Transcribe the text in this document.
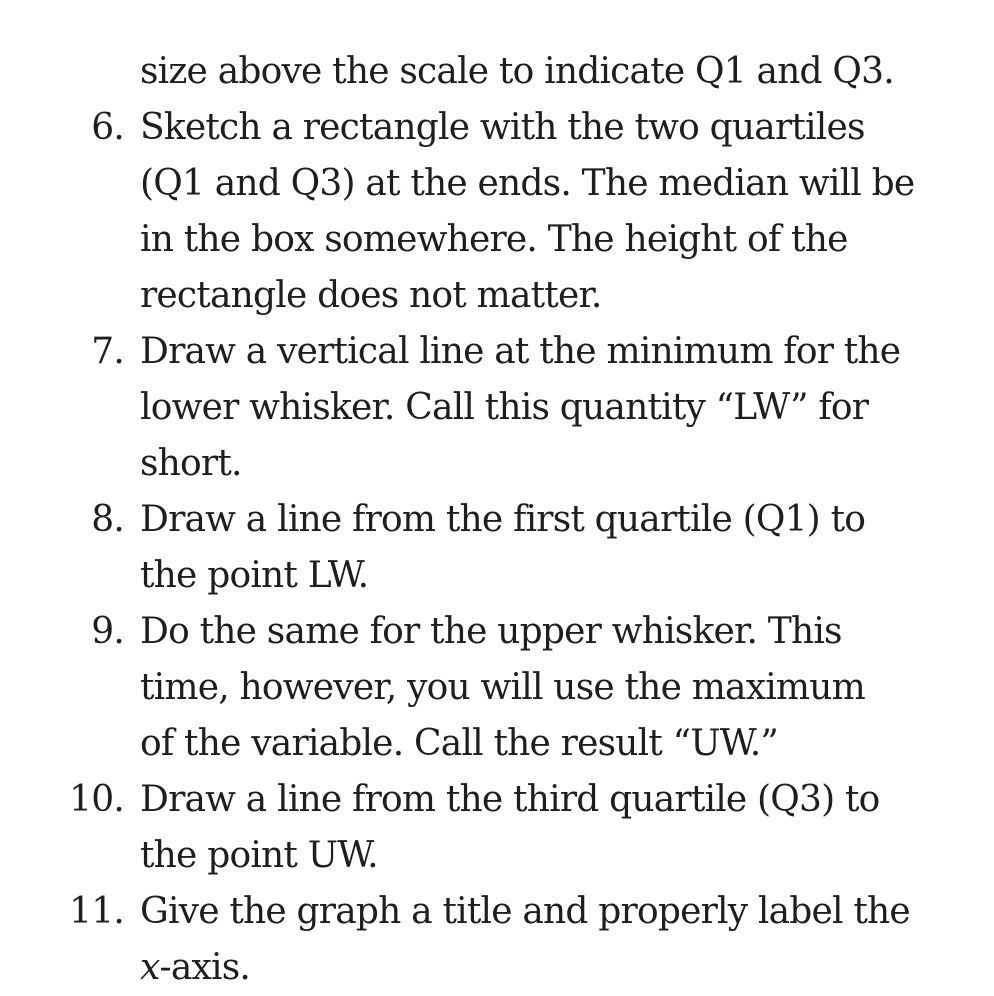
size above the scale to indicate Q1 and Q3.
6. Sketch a rectangle with the two quartiles
(Q1 and Q3) at the ends. The median will be
in the box somewhere. The height of the
rectangle does not matter.
7. Draw a vertical line at the minimum for the
lower whisker. Call this quantity “LW” for
short.
8. Draw a line from the first quartile (Q1) to
the point LW.
9. Do the same for the upper whisker. This
time, however, you will use the maximum
of the variable. Call the result “UW.”
10. Draw a line from the third quartile (Q3) to
the point UW.
11. Give the graph a title and properly label the
x-axis.
